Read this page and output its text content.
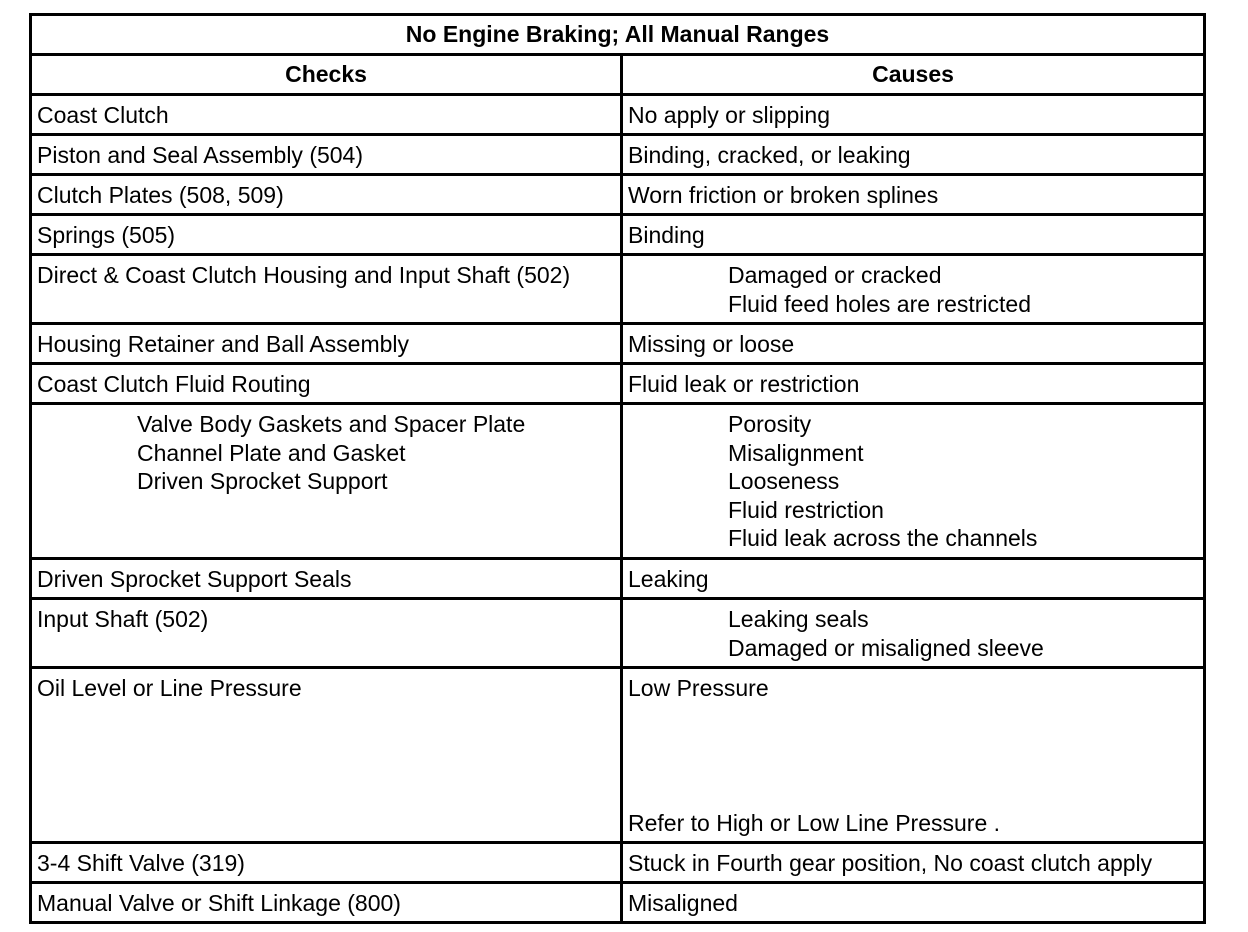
No Engine Braking; All Manual Ranges	
Checks	Causes

Coast Clutch	No apply or slipping

Piston and Seal Assembly (504)	Binding, cracked, or leaking

Clutch Plates (508, 509)	Worn friction or broken splines

Springs (505)	Binding

Direct & Coast Clutch Housing and Input Shaft (502)	Damaged or cracked
Fluid feed holes are restricted

Housing Retainer and Ball Assembly	Missing or loose

Coast Clutch Fluid Routing	Fluid leak or restriction

Valve Body Gaskets and Spacer Plate
Channel Plate and Gasket
Driven Sprocket Support	Porosity
Misalignment
Looseness
Fluid restriction
Fluid leak across the channels

Driven Sprocket Support Seals	Leaking

Input Shaft (502)	Leaking seals
Damaged or misaligned sleeve

Oil Level or Line Pressure	Low Pressure
Refer to High or Low Line Pressure .

3-4 Shift Valve (319)	Stuck in Fourth gear position, No coast clutch apply

Manual Valve or Shift Linkage (800)	Misaligned
